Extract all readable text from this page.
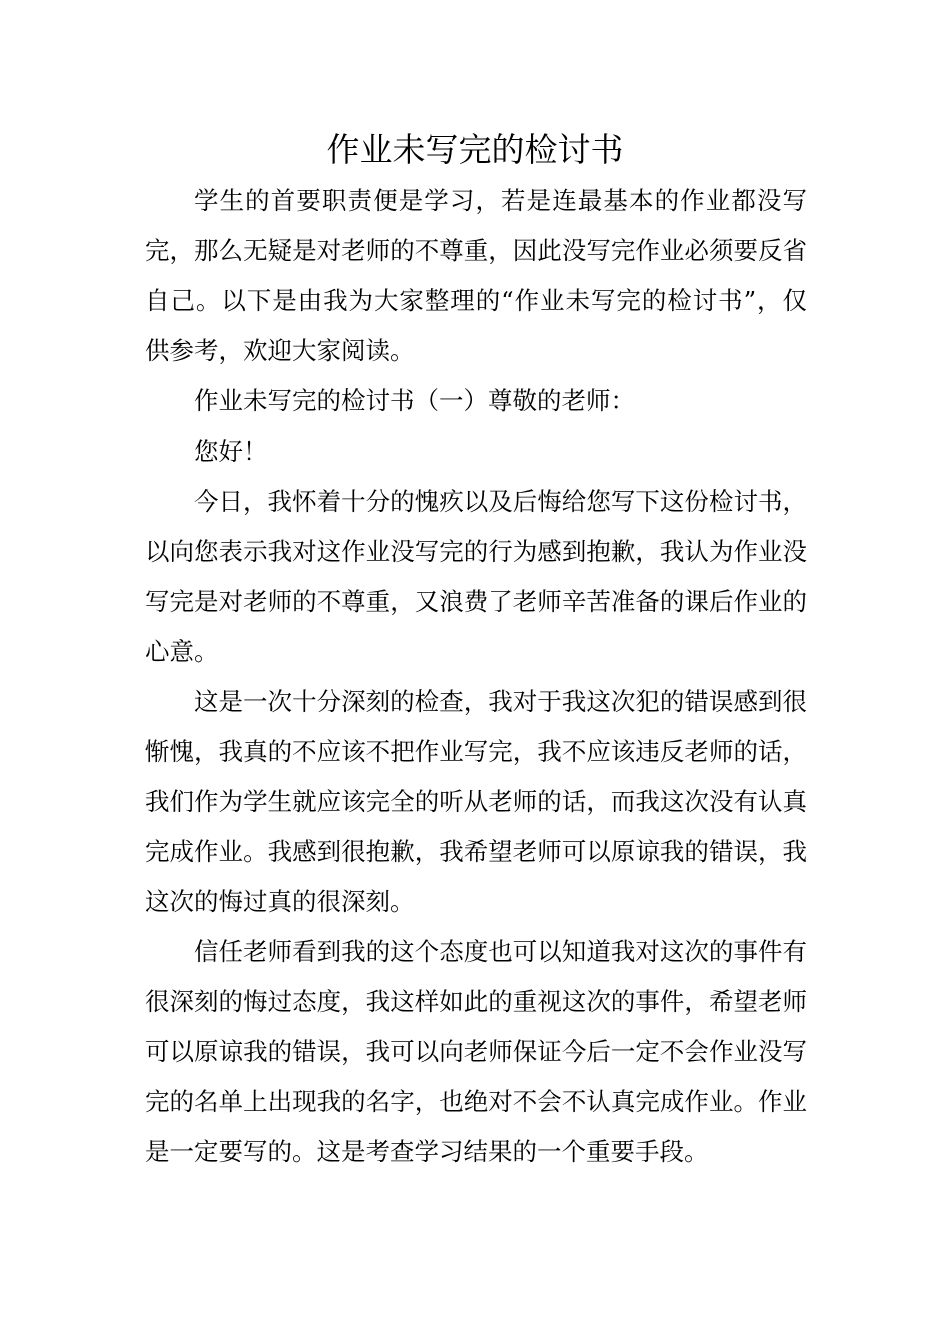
作业未写完的检讨书

学生的首要职责便是学习，若是连最基本的作业都没写完，那么无疑是对老师的不尊重，因此没写完作业必须要反省自己。以下是由我为大家整理的“作业未写完的检讨书”，仅供参考，欢迎大家阅读。

作业未写完的检讨书（一）尊敬的老师：

您好！

今日，我怀着十分的愧疚以及后悔给您写下这份检讨书，以向您表示我对这作业没写完的行为感到抱歉，我认为作业没写完是对老师的不尊重，又浪费了老师辛苦准备的课后作业的心意。

这是一次十分深刻的检查，我对于我这次犯的错误感到很惭愧，我真的不应该不把作业写完，我不应该违反老师的话，我们作为学生就应该完全的听从老师的话，而我这次没有认真完成作业。我感到很抱歉，我希望老师可以原谅我的错误，我这次的悔过真的很深刻。

信任老师看到我的这个态度也可以知道我对这次的事件有很深刻的悔过态度，我这样如此的重视这次的事件，希望老师可以原谅我的错误，我可以向老师保证今后一定不会作业没写完的名单上出现我的名字，也绝对不会不认真完成作业。作业是一定要写的。这是考查学习结果的一个重要手段。
